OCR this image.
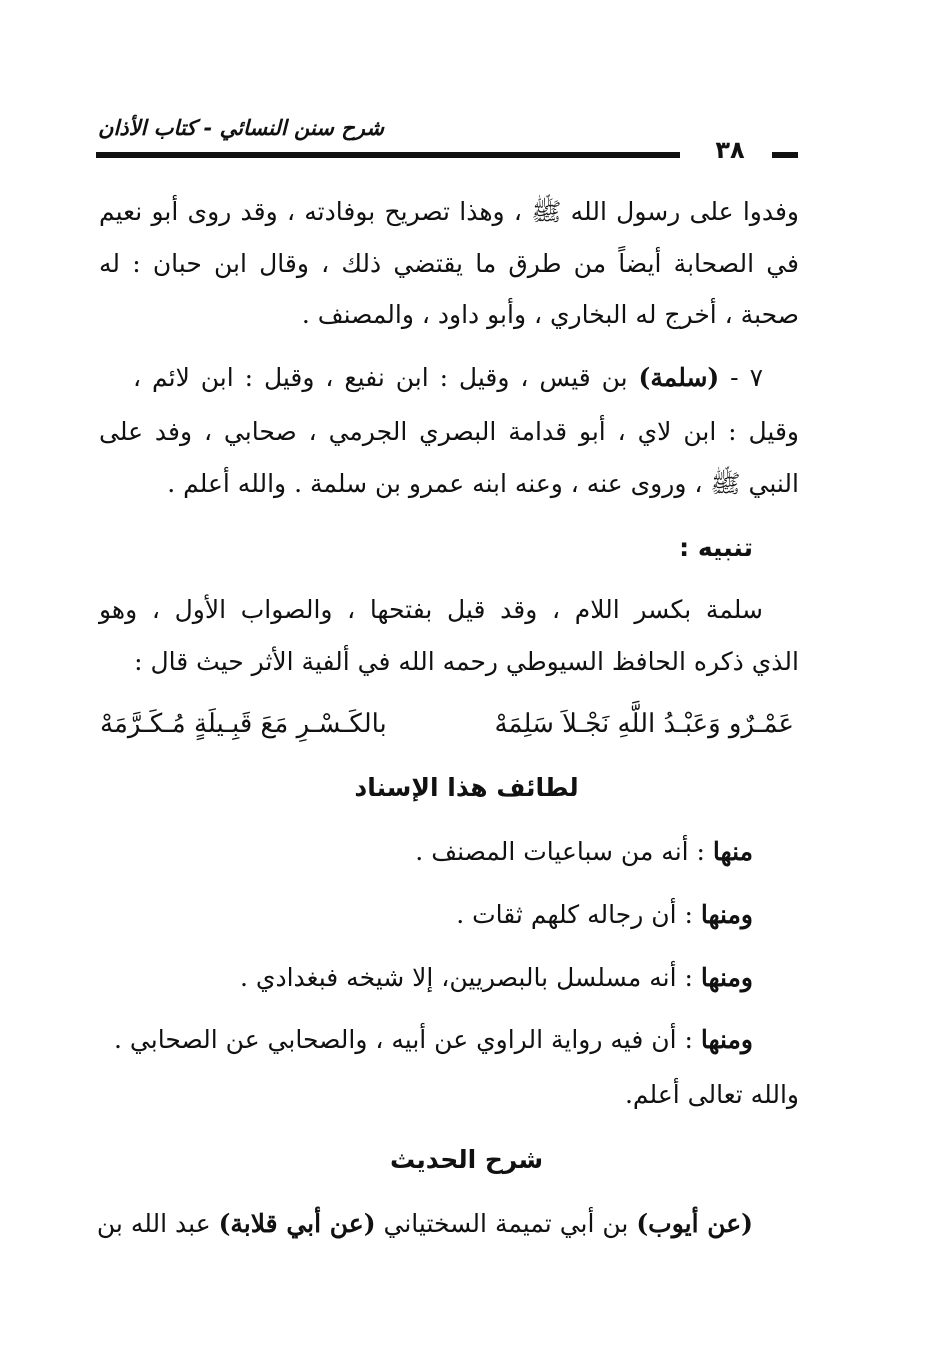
شرح سنن النسائي - كتاب الأذان
٣٨
وفدوا على رسول الله ﷺ ، وهذا تصريح بوفادته ، وقد روى أبو نعيم
في الصحابة أيضاً من طرق ما يقتضي ذلك ، وقال ابن حبان : له
صحبة ، أخرج له البخاري ، وأبو داود ، والمصنف .
٧ - (سلمة) بن قيس ، وقيل : ابن نفيع ، وقيل : ابن لائم ،
وقيل : ابن لاي ، أبو قدامة البصري الجرمي ، صحابي ، وفد على
النبي ﷺ ، وروى عنه ، وعنه ابنه عمرو بن سلمة . والله أعلم .
تنبيه :
سلمة بكسر اللام ، وقد قيل بفتحها ، والصواب الأول ، وهو
الذي ذكره الحافظ السيوطي رحمه الله في ألفية الأثر حيث قال :
عَمْـرٌو وَعَبْـدُ اللَّهِ نَجْـلاَ سَلِمَهْ
بالكَـسْـرِ مَعَ قَبِـيلَةٍ مُـكَـرَّمَهْ
لطائف هذا الإسناد
منها : أنه من سباعيات المصنف .
ومنها : أن رجاله كلهم ثقات .
ومنها : أنه مسلسل بالبصريين، إلا شيخه فبغدادي .
ومنها : أن فيه رواية الراوي عن أبيه ، والصحابي عن الصحابي .
والله تعالى أعلم.
شرح الحديث
(عن أيوب) بن أبي تميمة السختياني (عن أبي قلابة) عبد الله بن
